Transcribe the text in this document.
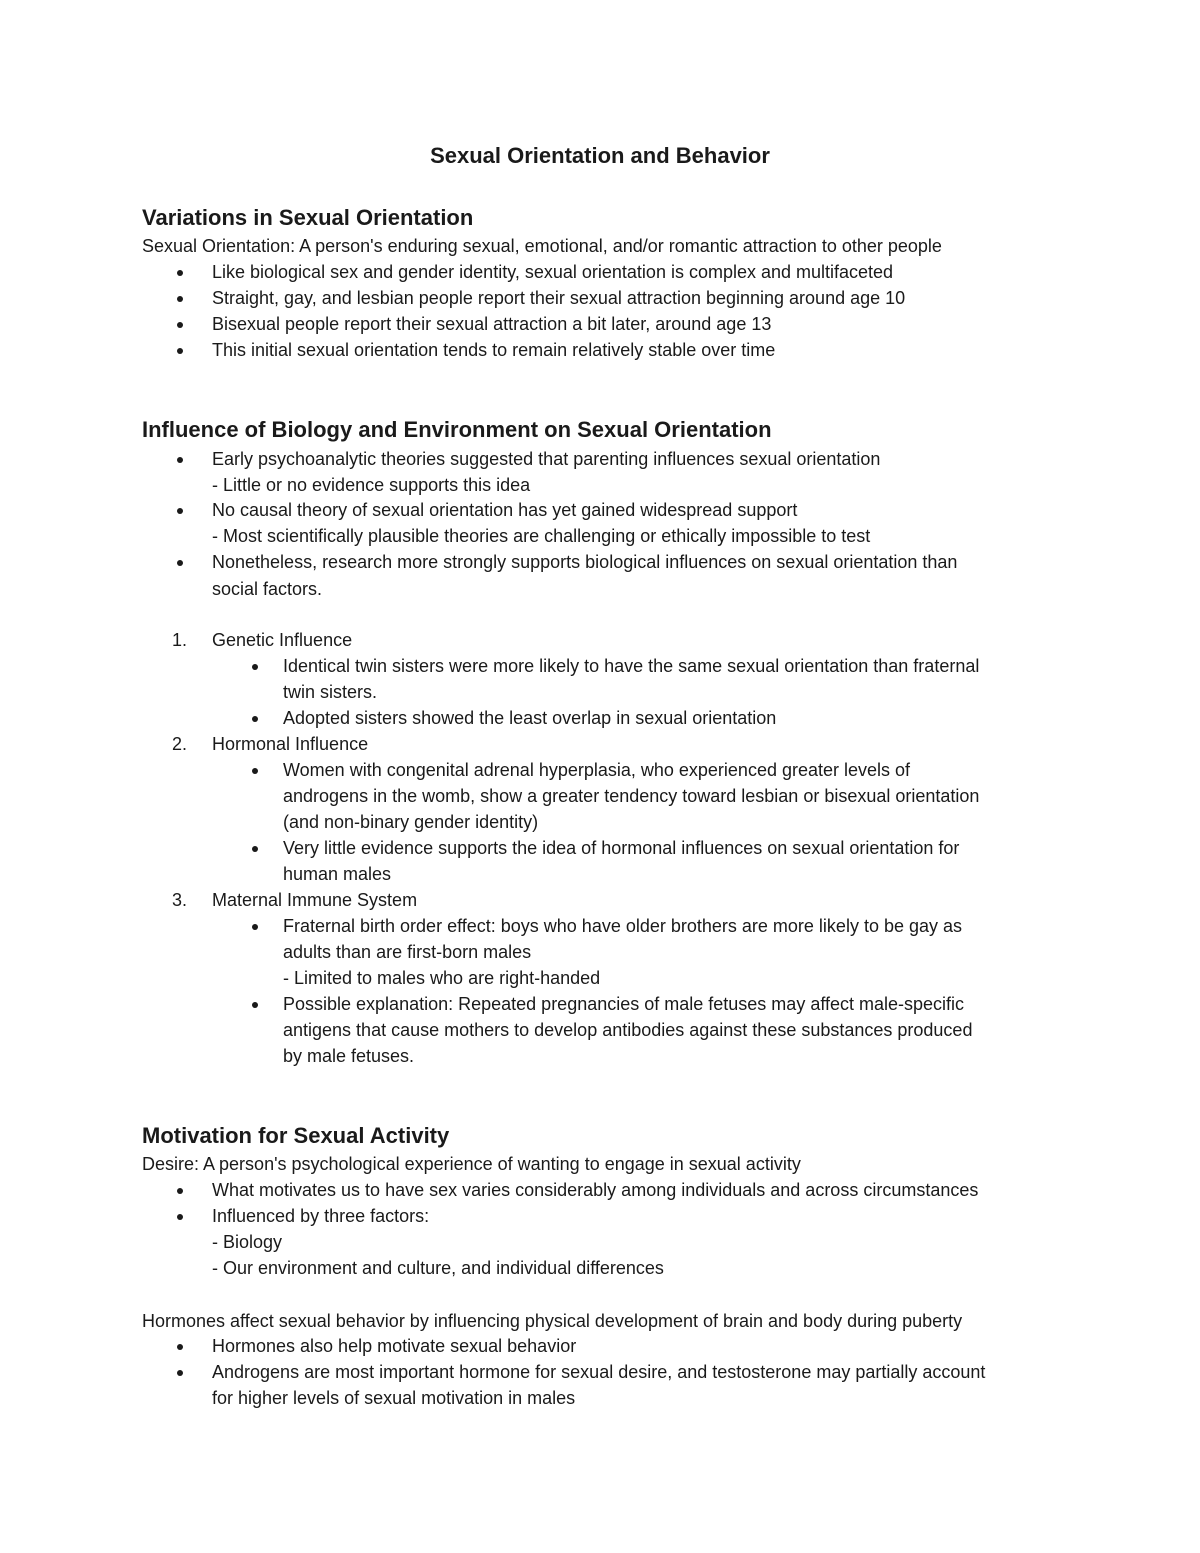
Sexual Orientation and Behavior
Variations in Sexual Orientation
Sexual Orientation: A person's enduring sexual, emotional, and/or romantic attraction to other people
Like biological sex and gender identity, sexual orientation is complex and multifaceted
Straight, gay, and lesbian people report their sexual attraction beginning around age 10
Bisexual people report their sexual attraction a bit later, around age 13
This initial sexual orientation tends to remain relatively stable over time
Influence of Biology and Environment on Sexual Orientation
Early psychoanalytic theories suggested that parenting influences sexual orientation
- Little or no evidence supports this idea
No causal theory of sexual orientation has yet gained widespread support
- Most scientifically plausible theories are challenging or ethically impossible to test
Nonetheless, research more strongly supports biological influences on sexual orientation than
social factors.
1.	Genetic Influence
Identical twin sisters were more likely to have the same sexual orientation than fraternal
twin sisters.
Adopted sisters showed the least overlap in sexual orientation
2.	Hormonal Influence
Women with congenital adrenal hyperplasia, who experienced greater levels of
androgens in the womb, show a greater tendency toward lesbian or bisexual orientation
(and non-binary gender identity)
Very little evidence supports the idea of hormonal influences on sexual orientation for
human males
3.	Maternal Immune System
Fraternal birth order effect: boys who have older brothers are more likely to be gay as
adults than are first-born males
- Limited to males who are right-handed
Possible explanation: Repeated pregnancies of male fetuses may affect male-specific
antigens that cause mothers to develop antibodies against these substances produced
by male fetuses.
Motivation for Sexual Activity
Desire: A person's psychological experience of wanting to engage in sexual activity
What motivates us to have sex varies considerably among individuals and across circumstances
Influenced by three factors:
- Biology
- Our environment and culture, and individual differences
Hormones affect sexual behavior by influencing physical development of brain and body during puberty
Hormones also help motivate sexual behavior
Androgens are most important hormone for sexual desire, and testosterone may partially account
for higher levels of sexual motivation in males
